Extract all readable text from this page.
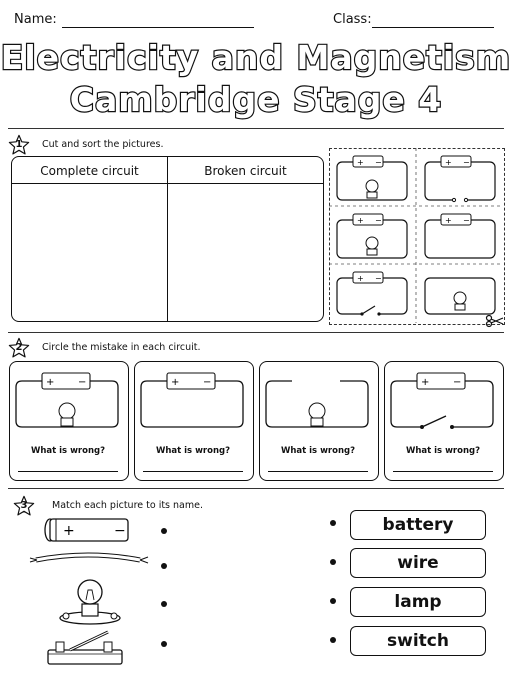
Name:	Class:
Electricity and Magnetism
Cambridge Stage 4
1 Cut and sort the pictures.
Complete circuit	Broken circuit
+ −	+ −
+ −	+ −
+ −
2 Circle the mistake in each circuit.
+ −	+ −	+ −
What is wrong?	What is wrong?	What is wrong?	What is wrong?
3	Match each picture to its name.
+	−	battery
wire
lamp
switch
